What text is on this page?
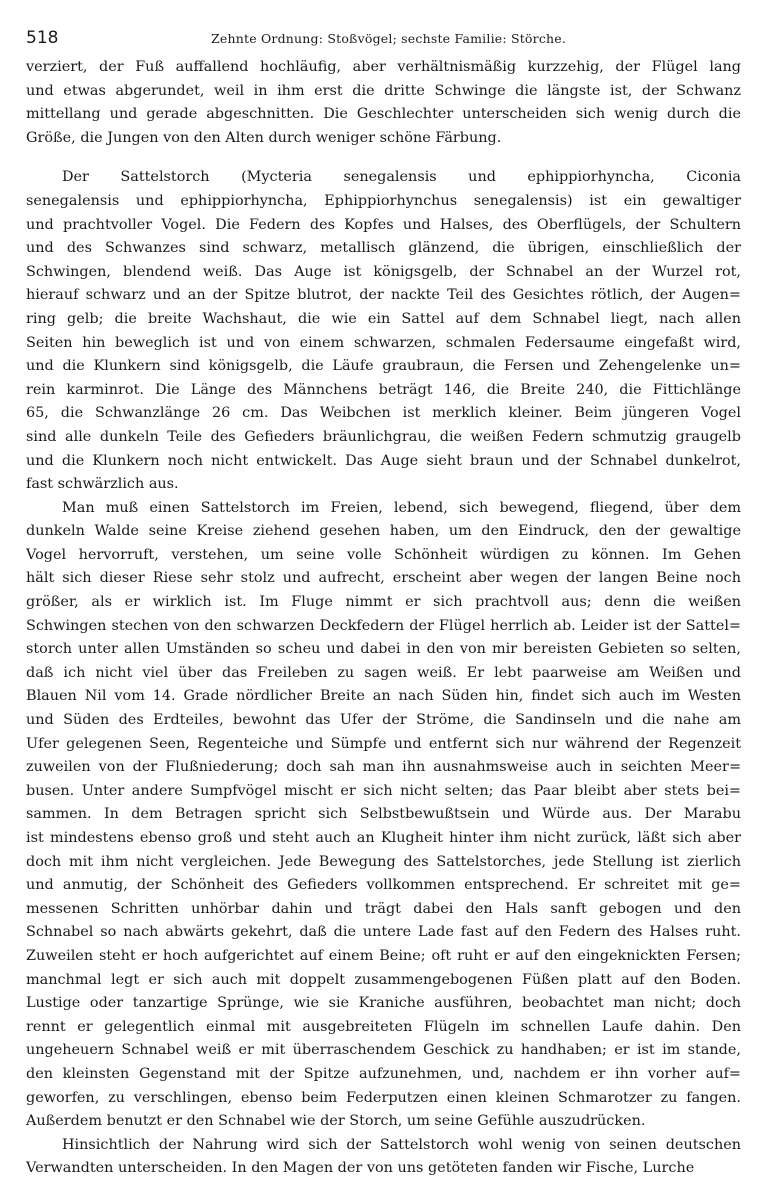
518	Zehnte Ordnung: Stoßvögel; sechste Familie: Störche.
verziert, der Fuß auffallend hochläufig, aber verhältnismäßig kurzzehig, der Flügel lang
und etwas abgerundet, weil in ihm erst die dritte Schwinge die längste ist, der Schwanz
mittellang und gerade abgeschnitten. Die Geschlechter unterscheiden sich wenig durch die
Größe, die Jungen von den Alten durch weniger schöne Färbung.
Der Sattelstorch (Mycteria senegalensis und ephippiorhyncha, Ciconia
senegalensis und ephippiorhyncha, Ephippiorhynchus senegalensis) ist ein gewaltiger
und prachtvoller Vogel. Die Federn des Kopfes und Halses, des Oberflügels, der Schultern
und des Schwanzes sind schwarz, metallisch glänzend, die übrigen, einschließlich der
Schwingen, blendend weiß. Das Auge ist königsgelb, der Schnabel an der Wurzel rot,
hierauf schwarz und an der Spitze blutrot, der nackte Teil des Gesichtes rötlich, der Augen=
ring gelb; die breite Wachshaut, die wie ein Sattel auf dem Schnabel liegt, nach allen
Seiten hin beweglich ist und von einem schwarzen, schmalen Federsaume eingefaßt wird,
und die Klunkern sind königsgelb, die Läufe graubraun, die Fersen und Zehengelenke un=
rein karminrot. Die Länge des Männchens beträgt 146, die Breite 240, die Fittichlänge
65, die Schwanzlänge 26 cm. Das Weibchen ist merklich kleiner. Beim jüngeren Vogel
sind alle dunkeln Teile des Gefieders bräunlichgrau, die weißen Federn schmutzig graugelb
und die Klunkern noch nicht entwickelt. Das Auge sieht braun und der Schnabel dunkelrot,
fast schwärzlich aus.
Man muß einen Sattelstorch im Freien, lebend, sich bewegend, fliegend, über dem
dunkeln Walde seine Kreise ziehend gesehen haben, um den Eindruck, den der gewaltige
Vogel hervorruft, verstehen, um seine volle Schönheit würdigen zu können. Im Gehen
hält sich dieser Riese sehr stolz und aufrecht, erscheint aber wegen der langen Beine noch
größer, als er wirklich ist. Im Fluge nimmt er sich prachtvoll aus; denn die weißen
Schwingen stechen von den schwarzen Deckfedern der Flügel herrlich ab. Leider ist der Sattel=
storch unter allen Umständen so scheu und dabei in den von mir bereisten Gebieten so selten,
daß ich nicht viel über das Freileben zu sagen weiß. Er lebt paarweise am Weißen und
Blauen Nil vom 14. Grade nördlicher Breite an nach Süden hin, findet sich auch im Westen
und Süden des Erdteiles, bewohnt das Ufer der Ströme, die Sandinseln und die nahe am
Ufer gelegenen Seen, Regenteiche und Sümpfe und entfernt sich nur während der Regenzeit
zuweilen von der Flußniederung; doch sah man ihn ausnahmsweise auch in seichten Meer=
busen. Unter andere Sumpfvögel mischt er sich nicht selten; das Paar bleibt aber stets bei=
sammen. In dem Betragen spricht sich Selbstbewußtsein und Würde aus. Der Marabu
ist mindestens ebenso groß und steht auch an Klugheit hinter ihm nicht zurück, läßt sich aber
doch mit ihm nicht vergleichen. Jede Bewegung des Sattelstorches, jede Stellung ist zierlich
und anmutig, der Schönheit des Gefieders vollkommen entsprechend. Er schreitet mit ge=
messenen Schritten unhörbar dahin und trägt dabei den Hals sanft gebogen und den
Schnabel so nach abwärts gekehrt, daß die untere Lade fast auf den Federn des Halses ruht.
Zuweilen steht er hoch aufgerichtet auf einem Beine; oft ruht er auf den eingeknickten Fersen;
manchmal legt er sich auch mit doppelt zusammengebogenen Füßen platt auf den Boden.
Lustige oder tanzartige Sprünge, wie sie Kraniche ausführen, beobachtet man nicht; doch
rennt er gelegentlich einmal mit ausgebreiteten Flügeln im schnellen Laufe dahin. Den
ungeheuern Schnabel weiß er mit überraschendem Geschick zu handhaben; er ist im stande,
den kleinsten Gegenstand mit der Spitze aufzunehmen, und, nachdem er ihn vorher auf=
geworfen, zu verschlingen, ebenso beim Federputzen einen kleinen Schmarotzer zu fangen.
Außerdem benutzt er den Schnabel wie der Storch, um seine Gefühle auszudrücken.
Hinsichtlich der Nahrung wird sich der Sattelstorch wohl wenig von seinen deutschen
Verwandten unterscheiden. In den Magen der von uns getöteten fanden wir Fische, Lurche
